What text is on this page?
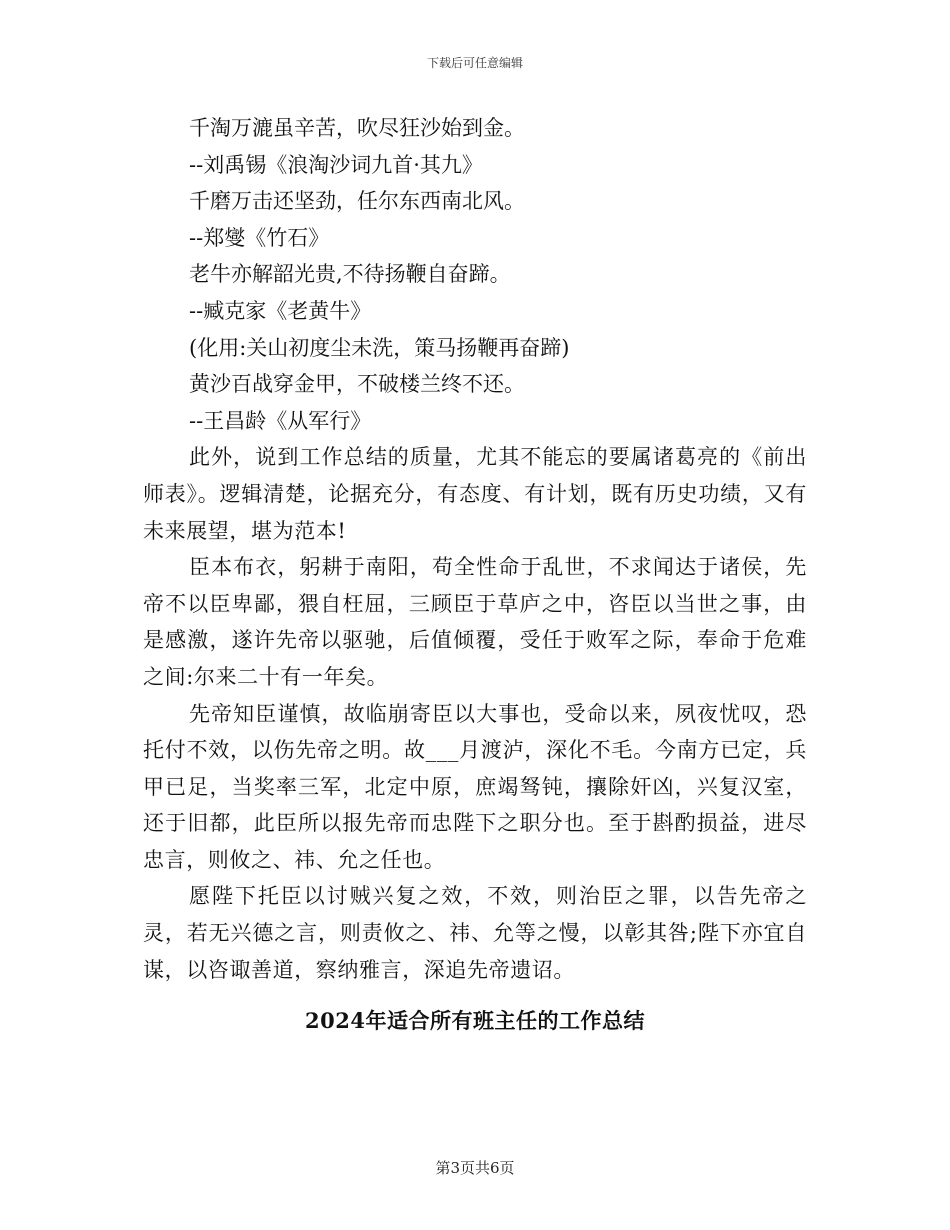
下载后可任意编辑
千淘万漉虽辛苦，吹尽狂沙始到金。
--刘禹锡《浪淘沙词九首·其九》
千磨万击还坚劲，任尔东西南北风。
--郑燮《竹石》
老牛亦解韶光贵,不待扬鞭自奋蹄。
--臧克家《老黄牛》
(化用:关山初度尘未洗，策马扬鞭再奋蹄)
黄沙百战穿金甲，不破楼兰终不还。
--王昌龄《从军行》
此外，说到工作总结的质量，尤其不能忘的要属诸葛亮的《前出师表》。逻辑清楚，论据充分，有态度、有计划，既有历史功绩，又有未来展望，堪为范本!
臣本布衣，躬耕于南阳，苟全性命于乱世，不求闻达于诸侯，先帝不以臣卑鄙，猥自枉屈，三顾臣于草庐之中，咨臣以当世之事，由是感激，遂许先帝以驱驰，后值倾覆，受任于败军之际，奉命于危难之间:尔来二十有一年矣。
先帝知臣谨慎，故临崩寄臣以大事也，受命以来，夙夜忧叹，恐托付不效，以伤先帝之明。故___月渡泸，深化不毛。今南方已定，兵甲已足，当奖率三军，北定中原，庶竭驽钝，攘除奸凶，兴复汉室，还于旧都，此臣所以报先帝而忠陛下之职分也。至于斟酌损益，进尽忠言，则攸之、祎、允之任也。
愿陛下托臣以讨贼兴复之效，不效，则治臣之罪，以告先帝之灵，若无兴德之言，则责攸之、祎、允等之慢，以彰其咎;陛下亦宜自谋，以咨诹善道，察纳雅言，深追先帝遗诏。
2024年适合所有班主任的工作总结
第3页共6页
